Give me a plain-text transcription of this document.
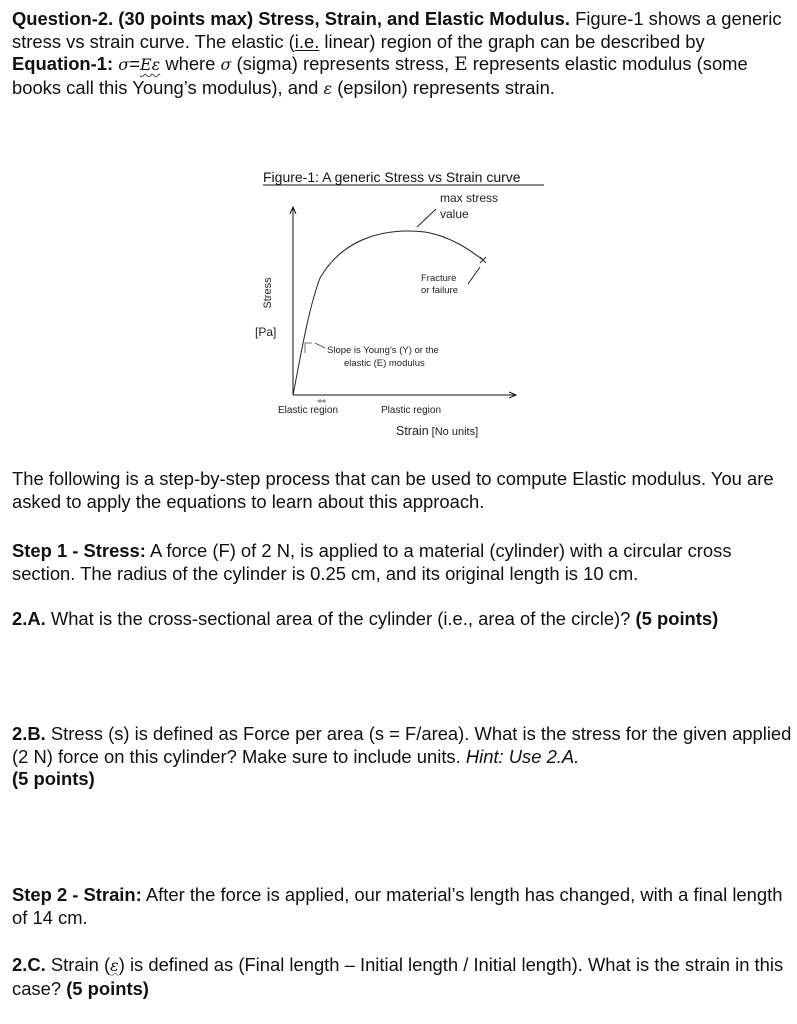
Question-2. (30 points max) Stress, Strain, and Elastic Modulus. Figure-1 shows a generic stress vs strain curve. The elastic (i.e. linear) region of the graph can be described by Equation-1: σ=Eε where σ (sigma) represents stress, E represents elastic modulus (some books call this Young’s modulus), and ε (epsilon) represents strain.

Figure-1: A generic Stress vs Strain curve
max stress
value
Fracture
or failure
Stress
[Pa]
Slope is Young’s (Y) or the
elastic (E) modulus
Elastic region	Plastic region
Strain [No units]

The following is a step-by-step process that can be used to compute Elastic modulus. You are asked to apply the equations to learn about this approach.

Step 1 - Stress: A force (F) of 2 N, is applied to a material (cylinder) with a circular cross section. The radius of the cylinder is 0.25 cm, and its original length is 10 cm.

2.A. What is the cross-sectional area of the cylinder (i.e., area of the circle)? (5 points)

2.B. Stress (s) is defined as Force per area (s = F/area). What is the stress for the given applied (2 N) force on this cylinder? Make sure to include units. Hint: Use 2.A.
(5 points)

Step 2 - Strain: After the force is applied, our material’s length has changed, with a final length of 14 cm.

2.C. Strain (ε) is defined as (Final length – Initial length / Initial length). What is the strain in this case? (5 points)
